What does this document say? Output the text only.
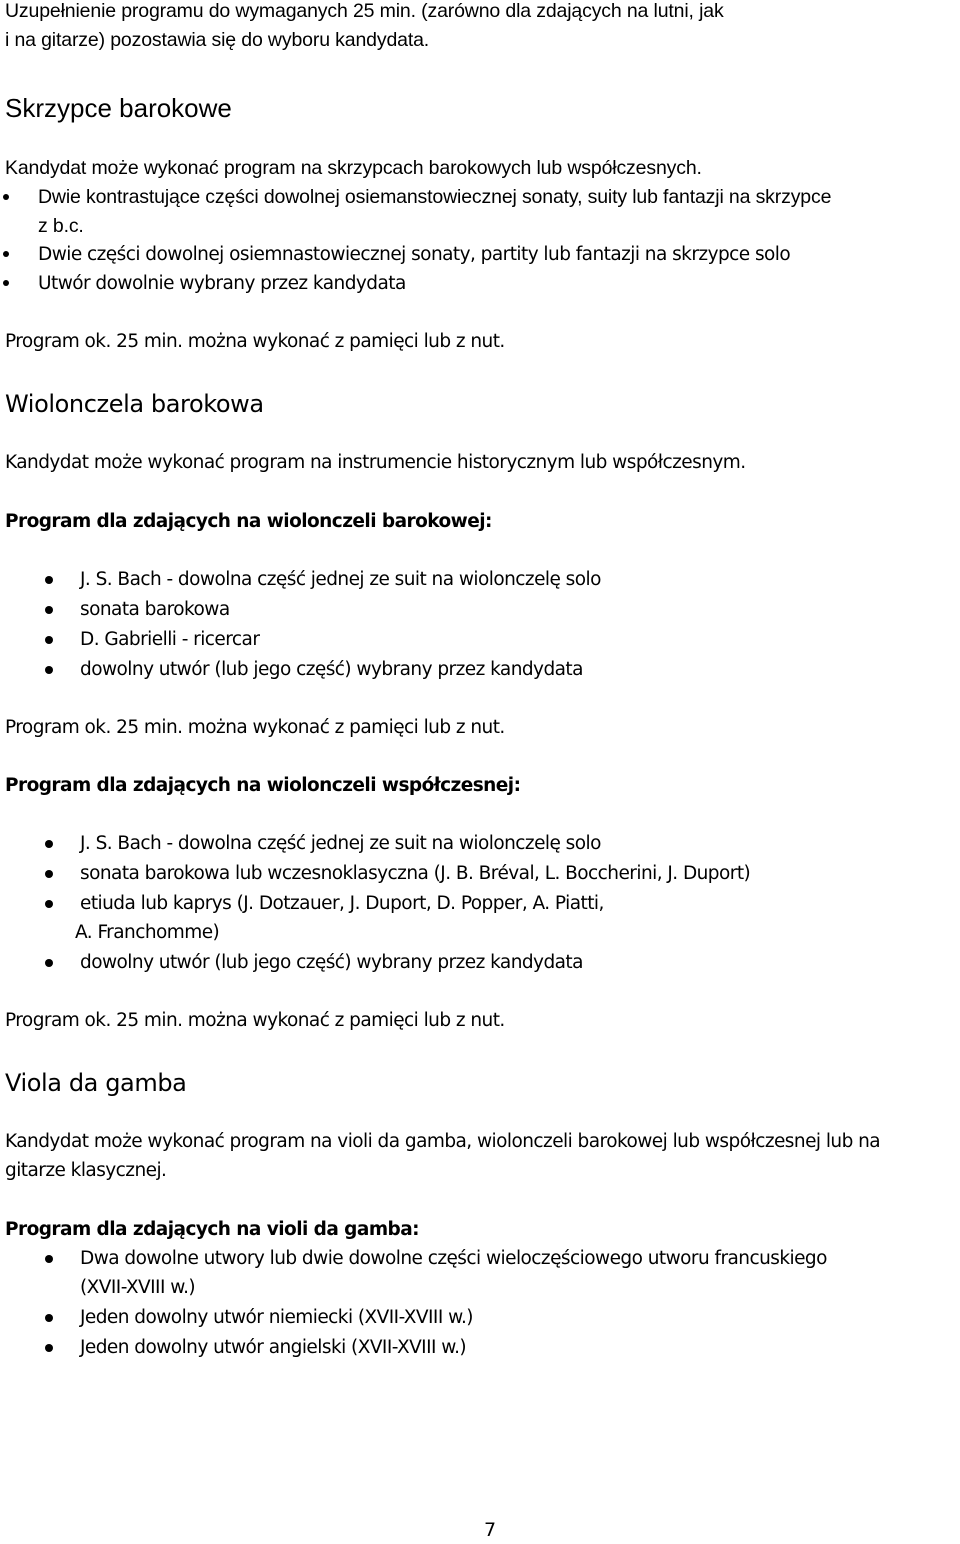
Uzupełnienie programu do wymaganych 25 min. (zarówno dla zdających na lutni, jak
i na gitarze) pozostawia się do wyboru kandydata.
Skrzypce barokowe
Kandydat może wykonać program na skrzypcach barokowych lub współczesnych.
Dwie kontrastujące części dowolnej osiemanstowiecznej sonaty, suity lub fantazji na skrzypce
z b.c.
Dwie części dowolnej osiemnastowiecznej sonaty, partity lub fantazji na skrzypce solo
Utwór dowolnie wybrany przez kandydata
Program ok. 25 min. można wykonać z pamięci lub z nut.
Wiolonczela barokowa
Kandydat może wykonać program na instrumencie historycznym lub współczesnym.
Program dla zdających na wiolonczeli barokowej:
J. S. Bach - dowolna część jednej ze suit na wiolonczelę solo
sonata barokowa
D. Gabrielli - ricercar
dowolny utwór (lub jego część) wybrany przez kandydata
Program ok. 25 min. można wykonać z pamięci lub z nut.
Program dla zdających na wiolonczeli współczesnej:
J. S. Bach - dowolna część jednej ze suit na wiolonczelę solo
sonata barokowa lub wczesnoklasyczna (J. B. Bréval, L. Boccherini, J. Duport)
etiuda lub kaprys (J. Dotzauer, J. Duport, D. Popper, A. Piatti,
A. Franchomme)
dowolny utwór (lub jego część) wybrany przez kandydata
Program ok. 25 min. można wykonać z pamięci lub z nut.
Viola da gamba
Kandydat może wykonać program na violi da gamba, wiolonczeli barokowej lub współczesnej lub na
gitarze klasycznej.
Program dla zdających na violi da gamba:
Dwa dowolne utwory lub dwie dowolne części wieloczęściowego utworu francuskiego
(XVII-XVIII w.)
Jeden dowolny utwór niemiecki (XVII-XVIII w.)
Jeden dowolny utwór angielski (XVII-XVIII w.)
7
